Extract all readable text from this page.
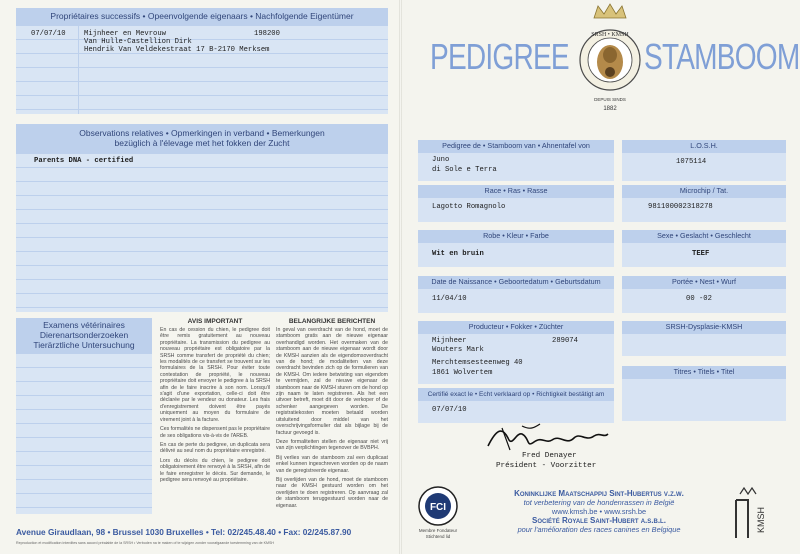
Propriétaires successifs • Opeenvolgende eigenaars • Nachfolgende Eigentümer
07/07/10	Mijnheer en Mevrouw	198200
Van Hulle-Castellion Dirk
Hendrik Van Veldekestraat 17 B-2170 Merksem
Observations relatives • Opmerkingen in verband • Bemerkungen bezüglich à l'élevage met het fokken der Zucht
Parents DNA - certified
Examens vétérinaires Dierenartsonderzoeken Tierärztliche Untersuchung
AVIS IMPORTANT

En cas de cession du chien, le pedigree doit être remis gratuitement au nouveau propriétaire. La transmission du pedigree au nouveau propriétaire est obligatoire par la SRSH comme transfert de propriété du chien; les modalités de ce transfert se trouvent sur les formulaires de la SRSH. Pour éviter toute contestation de propriété, le nouveau propriétaire doit envoyer le pedigree à la SRSH afin de le faire inscrire à son nom. Lorsqu'il s'agit d'une exportation, celle-ci doit être déclarée par le vendeur ou donateur. Les frais d'enregistrement doivent être payés uniquement au moyen du formulaire de virement joint à la facture.

Ces formalités ne dispensent pas le propriétaire de ses obligations vis-à-vis de l'AREB.

En cas de perte du pedigree, un duplicata sera délivré au seul nom du propriétaire enregistré.

Lors du décès du chien, le pedigree doit obligatoirement être renvoyé à la SRSH, afin de le faire enregistrer le décès. Sur demande, le pedigree sera renvoyé au propriétaire.

BELANGRIJKE BERICHTEN

In geval van overdracht van de hond, moet de stamboom gratis aan de nieuwe eigenaar overhandigd worden. Het overmaken van de stamboom aan de nieuwe eigenaar wordt door de KMSH aanzien als de eigendomsoverdracht van de hond; de modaliteiten van deze overdracht bevinden zich op de formulieren van de KMSH. Om iedere betwisting van eigendom te vermijden, zal de nieuwe eigenaar de stamboom naar de KMSH sturen om de hond op zijn naam te laten registreren. Als het een uitvoer betreft, moet dit door de verkoper of de schenker aangegeven worden. De registratiekosten moeten betaald worden uitsluitend door middel van het overschrijvingsformulier dat als bijlage bij de factuur gevoegd is.

Deze formaliteiten stellen de eigenaar niet vrij van zijn verplichtingen tegenover de BVBPH.

Bij verlies van de stamboom zal een duplicaat enkel kunnen ingeschreven worden op de naam van de geregistreerde eigenaar.

Bij overlijden van de hond, moet de stamboom naar de KMSH gestuurd worden om het overlijden te doen registreren. Op aanvraag zal de stamboom teruggestuurd worden naar de eigenaar.

Avenue Giraudlaan, 98 • Brussel 1030 Bruxelles • Tel: 02/245.48.40 • Fax: 02/245.87.90
Reproduction et modification interdites sans accord préalable de la SRSH • Verboden na te maken of te wijzigen zonder voorafgaande toestemming van de KMSH
PEDIGREE STAMBOOM
SRSH • KMSH
DEPUIS SINDS
1882
Pedigree de • Stamboom van • Ahnentafel von
Juno
di Sole e Terra
L.O.S.H.
1075114
Race • Ras • Rasse
Lagotto Romagnolo
Microchip / Tat.
981100002318278
Robe • Kleur • Farbe
Wit en bruin
Sexe • Geslacht • Geschlecht
TEEF
Date de Naissance • Geboortedatum • Geburtsdatum
11/04/10
Portée • Nest • Wurf
00 -02
Producteur • Fokker • Züchter
Mijnheer	289074
Wouters Mark
Merchtemsesteenweg 40
1861 Wolvertem
SRSH-Dysplasie-KMSH
Titres • Titels • Titel
Certifié exact le • Echt verklaard op • Richtigkeit bestätigt am
07/07/10
Fred Denayer
Président - Voorzitter
FCI
Membre Fondateur
Stichtend lid
Koninklijke Maatschappij Sint-Hubertus v.z.w.
tot verbetering van de hondenrassen in België
www.kmsh.be • www.srsh.be
Société Royale Saint-Hubert a.s.b.l.
pour l'amélioration des races canines en Belgique	KMSH
